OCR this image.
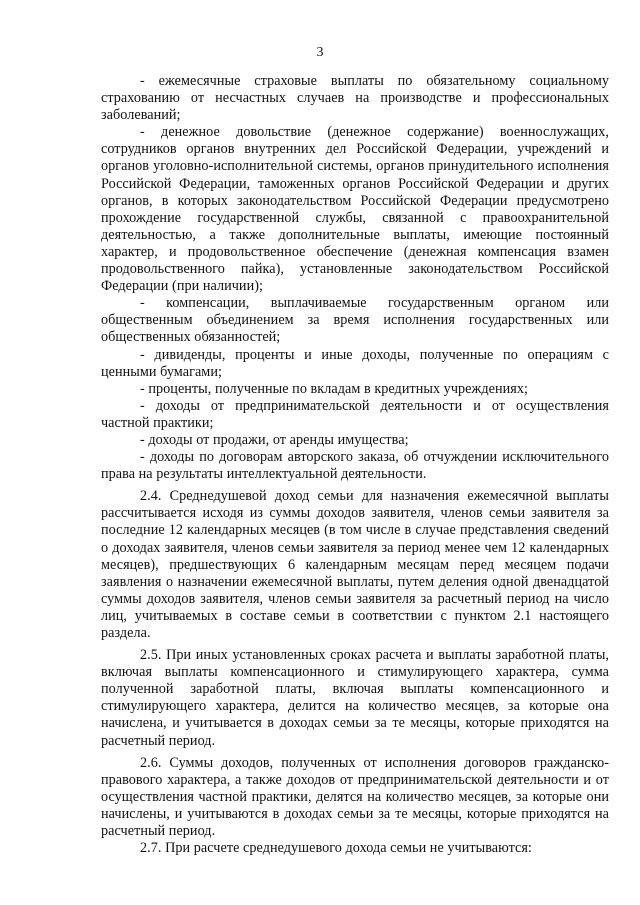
3

- ежемесячные страховые выплаты по обязательному социальному страхованию от несчастных случаев на производстве и профессиональных заболеваний;

- денежное довольствие (денежное содержание) военнослужащих, сотрудников органов внутренних дел Российской Федерации, учреждений и органов уголовно-исполнительной системы, органов принудительного исполнения Российской Федерации, таможенных органов Российской Федерации и других органов, в которых законодательством Российской Федерации предусмотрено прохождение государственной службы, связанной с правоохранительной деятельностью, а также дополнительные выплаты, имеющие постоянный характер, и продовольственное обеспечение (денежная компенсация взамен продовольственного пайка), установленные законодательством Российской Федерации (при наличии);

- компенсации, выплачиваемые государственным органом или общественным объединением за время исполнения государственных или общественных обязанностей;

- дивиденды, проценты и иные доходы, полученные по операциям с ценными бумагами;

- проценты, полученные по вкладам в кредитных учреждениях;

- доходы от предпринимательской деятельности и от осуществления частной практики;

- доходы от продажи, от аренды имущества;

- доходы по договорам авторского заказа, об отчуждении исключительного права на результаты интеллектуальной деятельности.

2.4. Среднедушевой доход семьи для назначения ежемесячной выплаты рассчитывается исходя из суммы доходов заявителя, членов семьи заявителя за последние 12 календарных месяцев (в том числе в случае представления сведений о доходах заявителя, членов семьи заявителя за период менее чем 12 календарных месяцев), предшествующих 6 календарным месяцам перед месяцем подачи заявления о назначении ежемесячной выплаты, путем деления одной двенадцатой суммы доходов заявителя, членов семьи заявителя за расчетный период на число лиц, учитываемых в составе семьи в соответствии с пунктом 2.1 настоящего раздела.

2.5. При иных установленных сроках расчета и выплаты заработной платы, включая выплаты компенсационного и стимулирующего характера, сумма полученной заработной платы, включая выплаты компенсационного и стимулирующего характера, делится на количество месяцев, за которые она начислена, и учитывается в доходах семьи за те месяцы, которые приходятся на расчетный период.

2.6. Суммы доходов, полученных от исполнения договоров гражданско-правового характера, а также доходов от предпринимательской деятельности и от осуществления частной практики, делятся на количество месяцев, за которые они начислены, и учитываются в доходах семьи за те месяцы, которые приходятся на расчетный период.

2.7. При расчете среднедушевого дохода семьи не учитываются:
